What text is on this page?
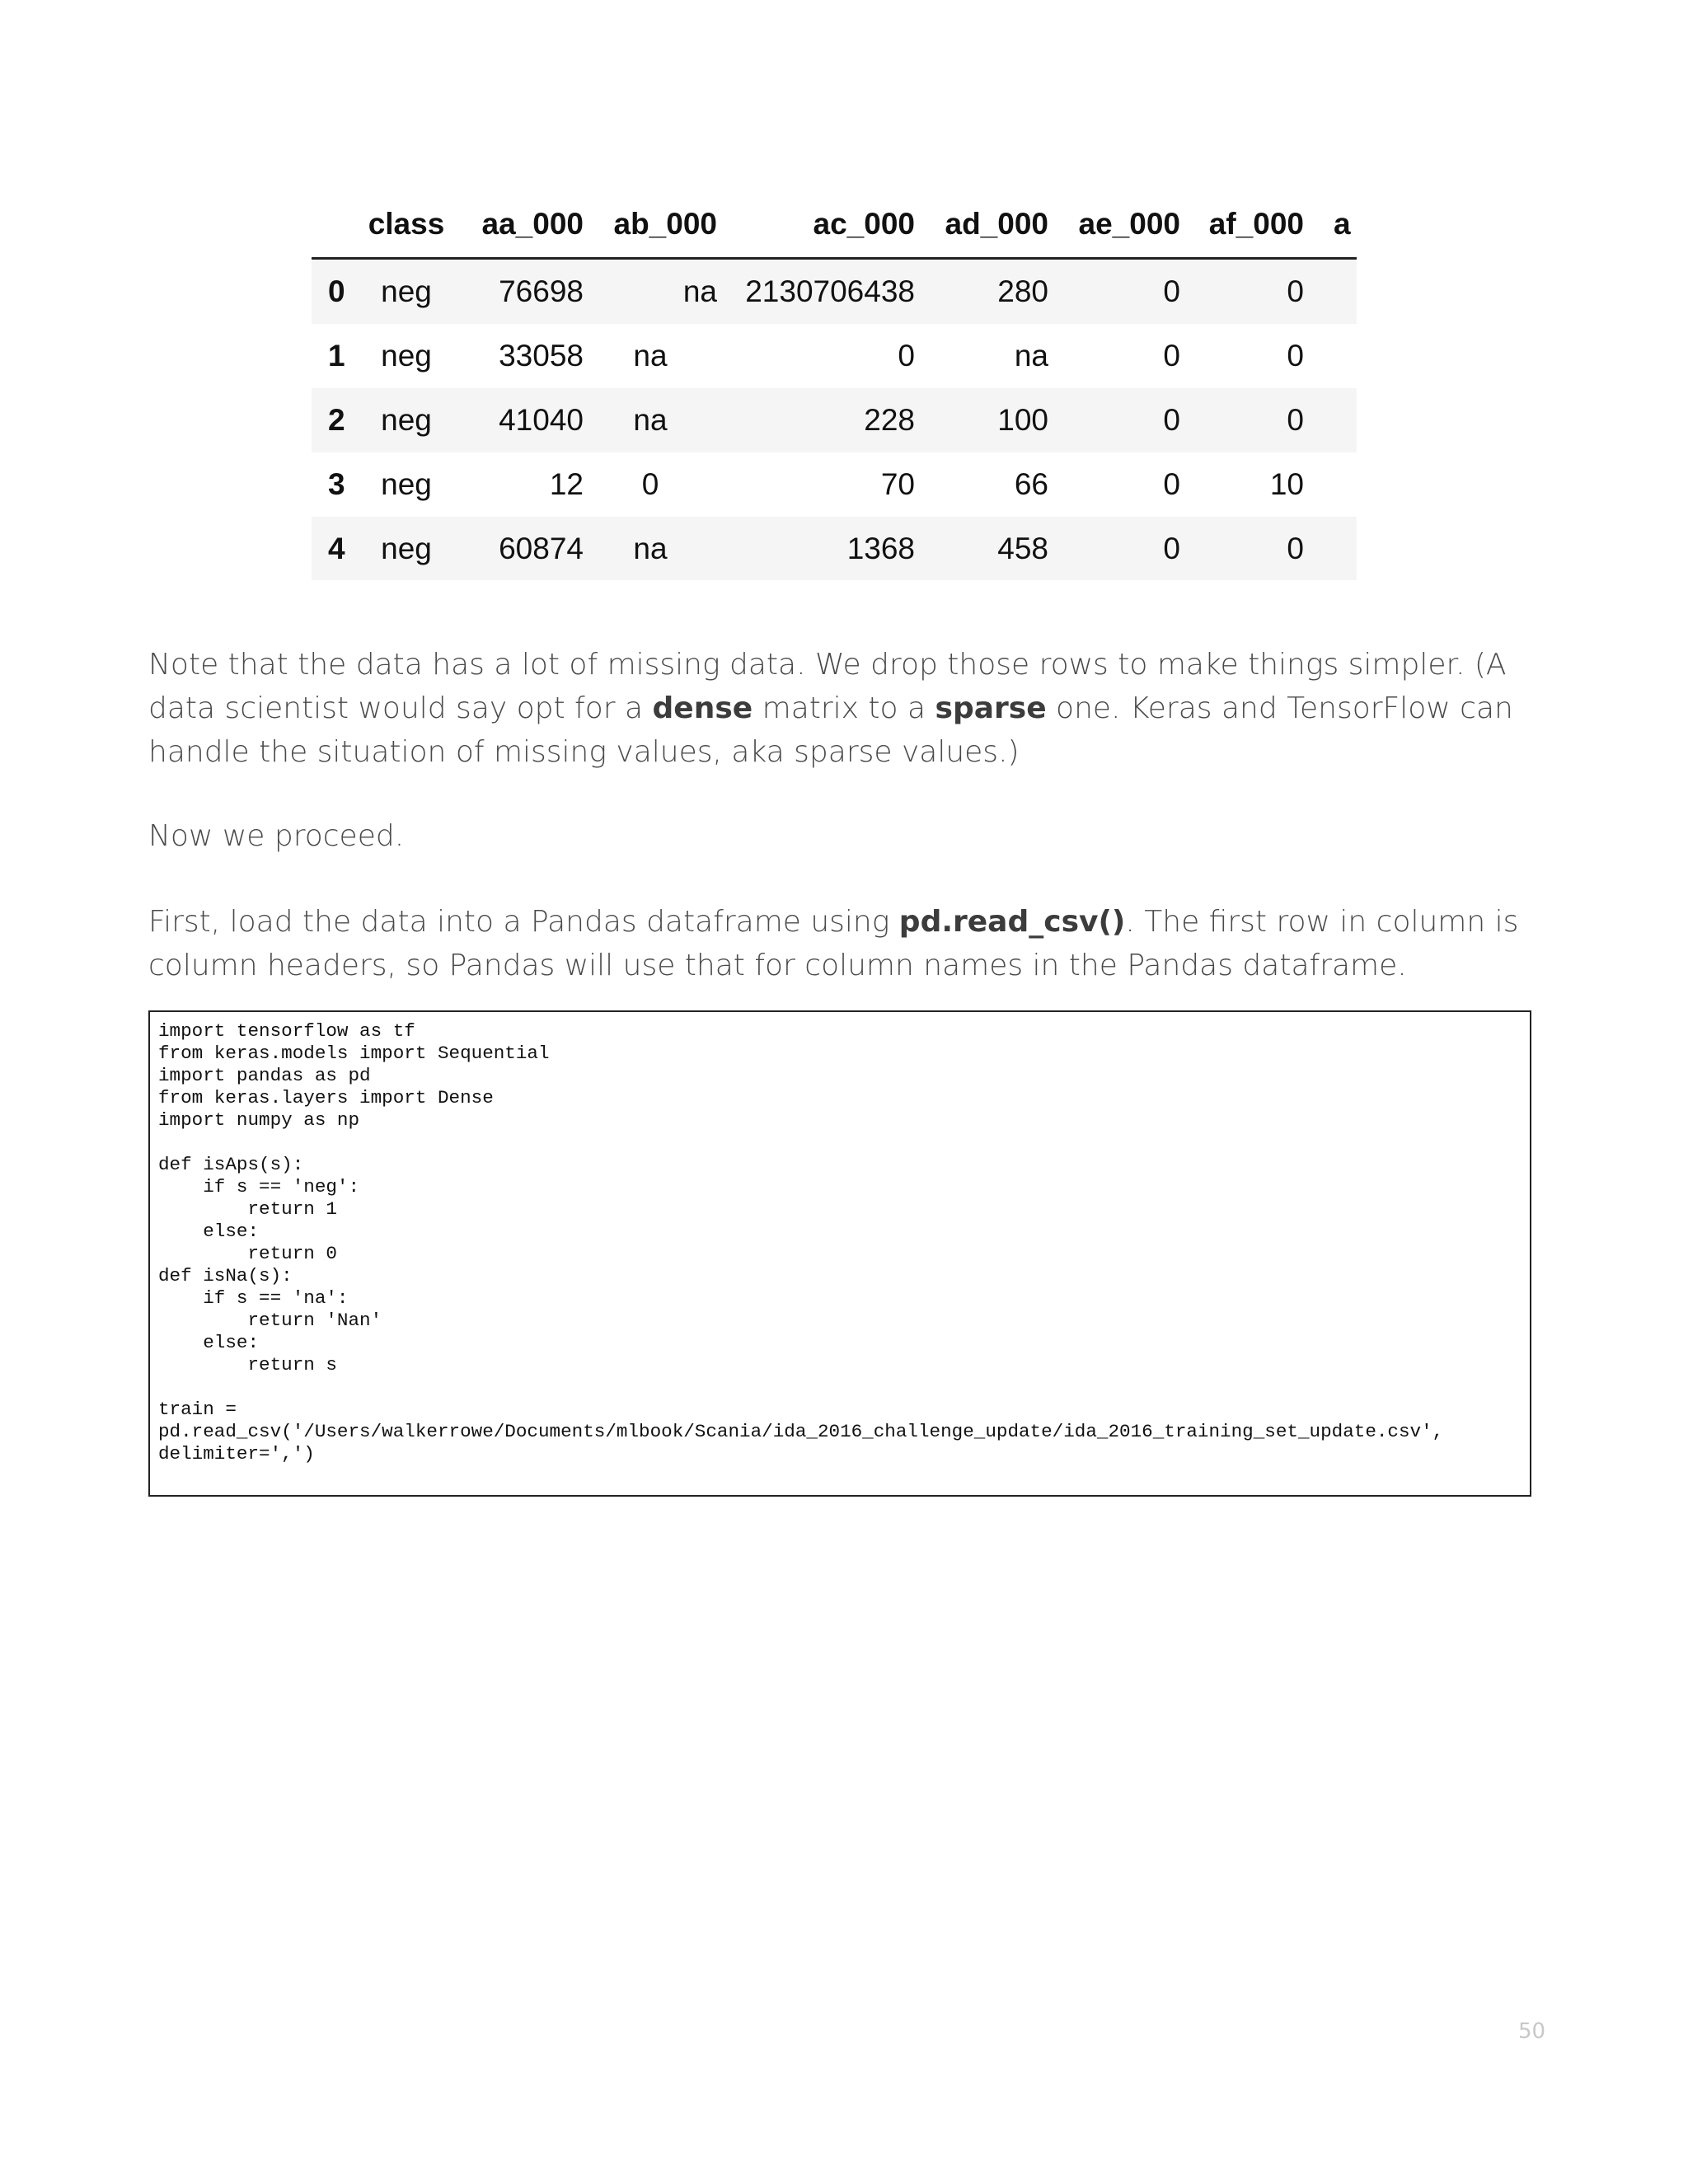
	class	aa_000	ab_000	ac_000	ad_000	ae_000	af_000	a
0	neg	76698	na	2130706438	280	0	0	
1	neg	33058	na	0	na	0	0	
2	neg	41040	na	228	100	0	0	
3	neg	12	0	70	66	0	10	
4	neg	60874	na	1368	458	0	0	

Note that the data has a lot of missing data. We drop those rows to make things simpler. (A data scientist would say opt for a dense matrix to a sparse one. Keras and TensorFlow can handle the situation of missing values, aka sparse values.)

Now we proceed.

First, load the data into a Pandas dataframe using pd.read_csv(). The first row in column is column headers, so Pandas will use that for column names in the Pandas dataframe.

import tensorflow as tf
from keras.models import Sequential
import pandas as pd
from keras.layers import Dense
import numpy as np

def isAps(s):
if s == 'neg':
return 1
else:
return 0
def isNa(s):
if s == 'na':
return 'Nan'
else:
return s

train =
pd.read_csv('/Users/walkerrowe/Documents/mlbook/Scania/ida_2016_challenge_update/ida_2016_training_set_update.csv',
delimiter=',')
50
